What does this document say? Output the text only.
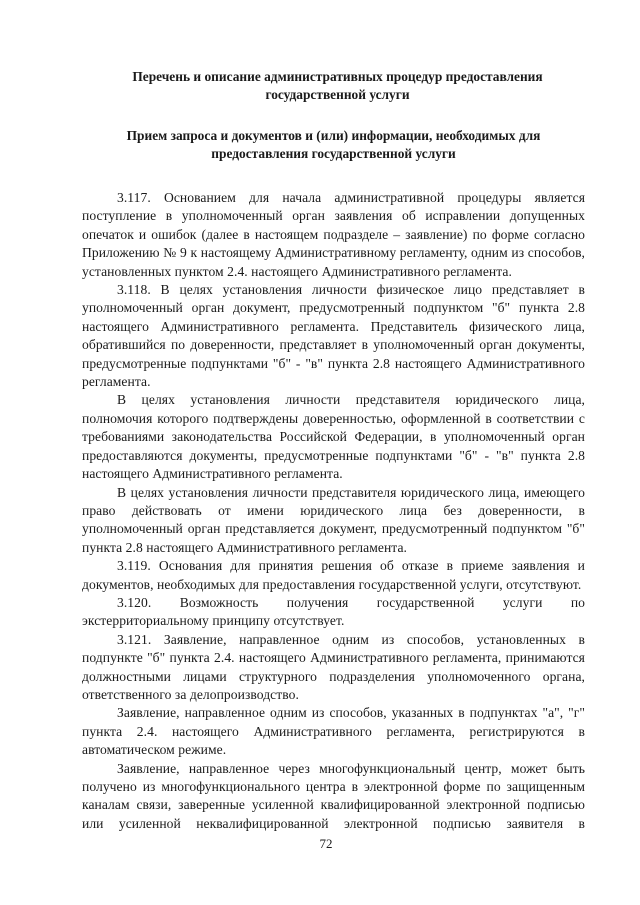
Перечень и описание административных процедур предоставления государственной услуги
Прием запроса и документов и (или) информации, необходимых для предоставления государственной услуги

3.117. Основанием для начала административной процедуры является поступление в уполномоченный орган заявления об исправлении допущенных опечаток и ошибок (далее в настоящем подразделе – заявление) по форме согласно Приложению № 9 к настоящему Административному регламенту, одним из способов, установленных пунктом 2.4. настоящего Административного регламента.

3.118. В целях установления личности физическое лицо представляет в уполномоченный орган документ, предусмотренный подпунктом "б" пункта 2.8 настоящего Административного регламента. Представитель физического лица, обратившийся по доверенности, представляет в уполномоченный орган документы, предусмотренные подпунктами "б" - "в" пункта 2.8 настоящего Административного регламента.

В целях установления личности представителя юридического лица, полномочия которого подтверждены доверенностью, оформленной в соответствии с требованиями законодательства Российской Федерации, в уполномоченный орган предоставляются документы, предусмотренные подпунктами "б" - "в" пункта 2.8 настоящего Административного регламента.

В целях установления личности представителя юридического лица, имеющего право действовать от имени юридического лица без доверенности, в уполномоченный орган представляется документ, предусмотренный подпунктом "б" пункта 2.8 настоящего Административного регламента.

3.119. Основания для принятия решения об отказе в приеме заявления и документов, необходимых для предоставления государственной услуги, отсутствуют.

3.120. Возможность получения государственной услуги по экстерриториальному принципу отсутствует.

3.121. Заявление, направленное одним из способов, установленных в подпункте "б" пункта 2.4. настоящего Административного регламента, принимаются должностными лицами структурного подразделения уполномоченного органа, ответственного за делопроизводство.

Заявление, направленное одним из способов, указанных в подпунктах "а", "г" пункта 2.4. настоящего Административного регламента, регистрируются в автоматическом режиме.

Заявление, направленное через многофункциональный центр, может быть получено из многофункционального центра в электронной форме по защищенным каналам связи, заверенные усиленной квалифицированной электронной подписью или усиленной неквалифицированной электронной подписью заявителя в

72
